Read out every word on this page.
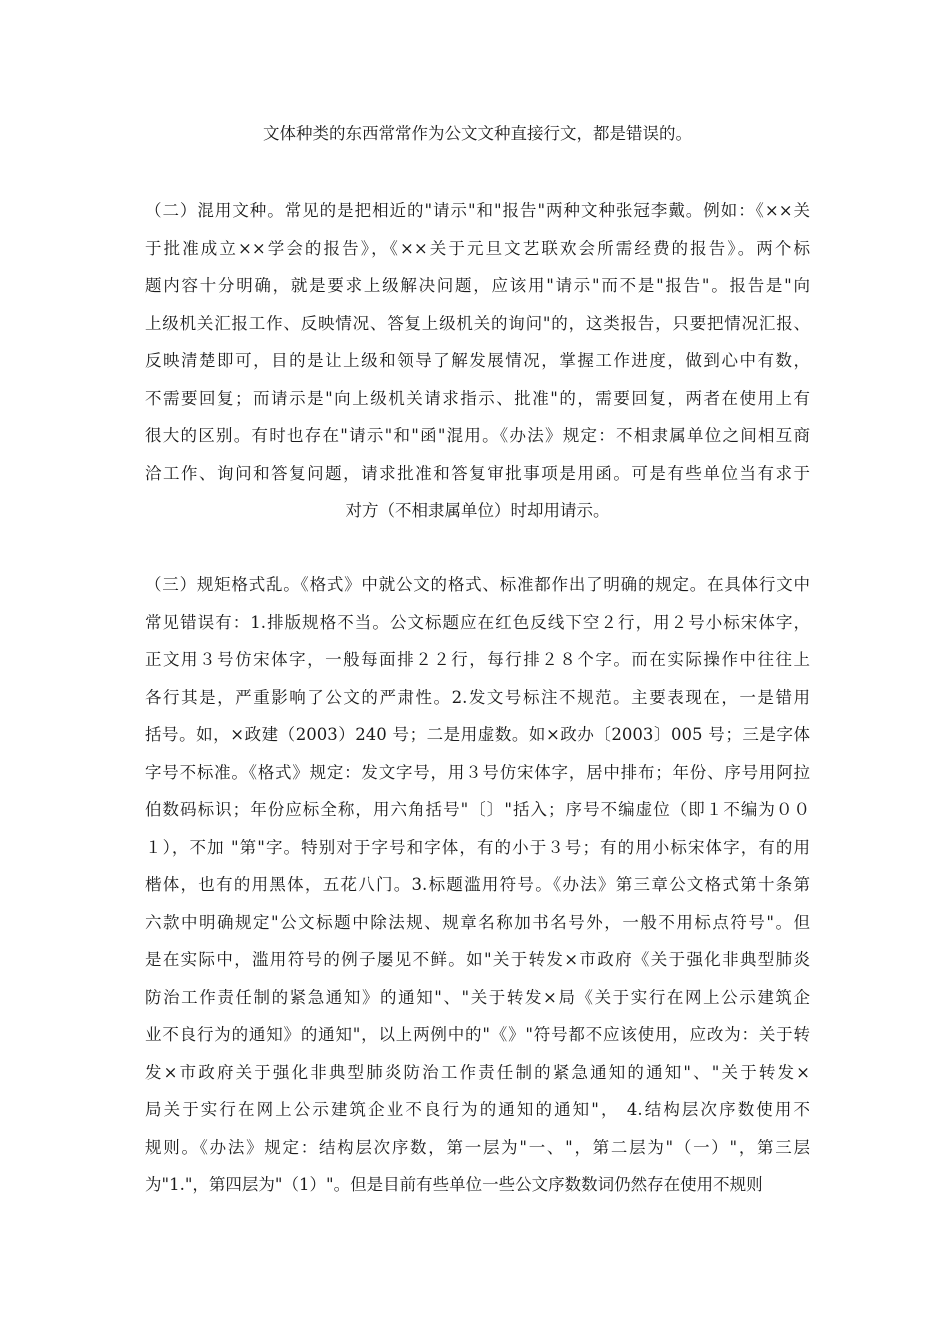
文体种类的东西常常作为公文文种直接行文，都是错误的。
（二）混用文种。常见的是把相近的"请示"和"报告"两种文种张冠李戴。例如：《××关
于批准成立××学会的报告》，《××关于元旦文艺联欢会所需经费的报告》。两个标
题内容十分明确，就是要求上级解决问题，应该用"请示"而不是"报告"。报告是"向
上级机关汇报工作、反映情况、答复上级机关的询问"的，这类报告，只要把情况汇报、
反映清楚即可，目的是让上级和领导了解发展情况，掌握工作进度，做到心中有数，
不需要回复；而请示是"向上级机关请求指示、批准"的，需要回复，两者在使用上有
很大的区别。有时也存在"请示"和"函"混用。《办法》规定：不相隶属单位之间相互商
洽工作、询问和答复问题，请求批准和答复审批事项是用函。可是有些单位当有求于
对方（不相隶属单位）时却用请示。
（三）规矩格式乱。《格式》中就公文的格式、标准都作出了明确的规定。在具体行文中
常见错误有：1.排版规格不当。公文标题应在红色反线下空２行，用２号小标宋体字，
正文用３号仿宋体字，一般每面排２２行，每行排２８个字。而在实际操作中往往上
各行其是，严重影响了公文的严肃性。2.发文号标注不规范。主要表现在，一是错用
括号。如，×政建（2003）240 号；二是用虚数。如×政办〔2003〕005 号；三是字体
字号不标准。《格式》规定：发文字号，用３号仿宋体字，居中排布；年份、序号用阿拉
伯数码标识；年份应标全称，用六角括号"〔〕"括入；序号不编虚位（即１不编为００
１），不加 "第"字。特别对于字号和字体，有的小于３号；有的用小标宋体字，有的用
楷体，也有的用黑体，五花八门。3.标题滥用符号。《办法》第三章公文格式第十条第
六款中明确规定"公文标题中除法规、规章名称加书名号外，一般不用标点符号"。但
是在实际中，滥用符号的例子屡见不鲜。如"关于转发×市政府《关于强化非典型肺炎
防治工作责任制的紧急通知》的通知"、"关于转发×局《关于实行在网上公示建筑企
业不良行为的通知》的通知"，以上两例中的"《》"符号都不应该使用，应改为：关于转
发×市政府关于强化非典型肺炎防治工作责任制的紧急通知的通知"、"关于转发×
局关于实行在网上公示建筑企业不良行为的通知的通知"， 4.结构层次序数使用不
规则。《办法》规定：结构层次序数，第一层为"一、"，第二层为"（一）"，第三层
为"1."，第四层为"（1）"。但是目前有些单位一些公文序数数词仍然存在使用不规则
